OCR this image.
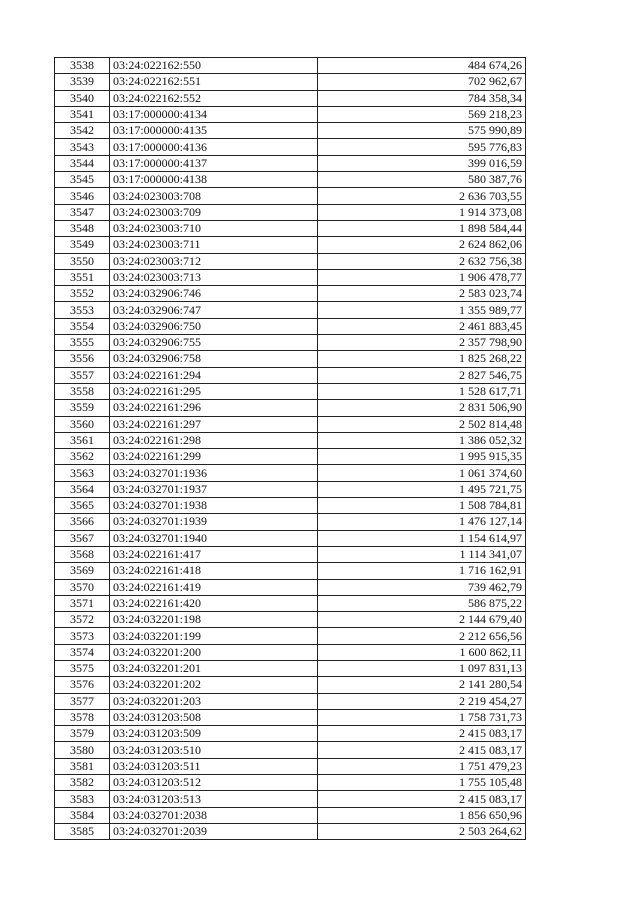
3538	03:24:022162:550	484 674,26
3539	03:24:022162:551	702 962,67
3540	03:24:022162:552	784 358,34
3541	03:17:000000:4134	569 218,23
3542	03:17:000000:4135	575 990,89
3543	03:17:000000:4136	595 776,83
3544	03:17:000000:4137	399 016,59
3545	03:17:000000:4138	580 387,76
3546	03:24:023003:708	2 636 703,55
3547	03:24:023003:709	1 914 373,08
3548	03:24:023003:710	1 898 584,44
3549	03:24:023003:711	2 624 862,06
3550	03:24:023003:712	2 632 756,38
3551	03:24:023003:713	1 906 478,77
3552	03:24:032906:746	2 583 023,74
3553	03:24:032906:747	1 355 989,77
3554	03:24:032906:750	2 461 883,45
3555	03:24:032906:755	2 357 798,90
3556	03:24:032906:758	1 825 268,22
3557	03:24:022161:294	2 827 546,75
3558	03:24:022161:295	1 528 617,71
3559	03:24:022161:296	2 831 506,90
3560	03:24:022161:297	2 502 814,48
3561	03:24:022161:298	1 386 052,32
3562	03:24:022161:299	1 995 915,35
3563	03:24:032701:1936	1 061 374,60
3564	03:24:032701:1937	1 495 721,75
3565	03:24:032701:1938	1 508 784,81
3566	03:24:032701:1939	1 476 127,14
3567	03:24:032701:1940	1 154 614,97
3568	03:24:022161:417	1 114 341,07
3569	03:24:022161:418	1 716 162,91
3570	03:24:022161:419	739 462,79
3571	03:24:022161:420	586 875,22
3572	03:24:032201:198	2 144 679,40
3573	03:24:032201:199	2 212 656,56
3574	03:24:032201:200	1 600 862,11
3575	03:24:032201:201	1 097 831,13
3576	03:24:032201:202	2 141 280,54
3577	03:24:032201:203	2 219 454,27
3578	03:24:031203:508	1 758 731,73
3579	03:24:031203:509	2 415 083,17
3580	03:24:031203:510	2 415 083,17
3581	03:24:031203:511	1 751 479,23
3582	03:24:031203:512	1 755 105,48
3583	03:24:031203:513	2 415 083,17
3584	03:24:032701:2038	1 856 650,96
3585	03:24:032701:2039	2 503 264,62
